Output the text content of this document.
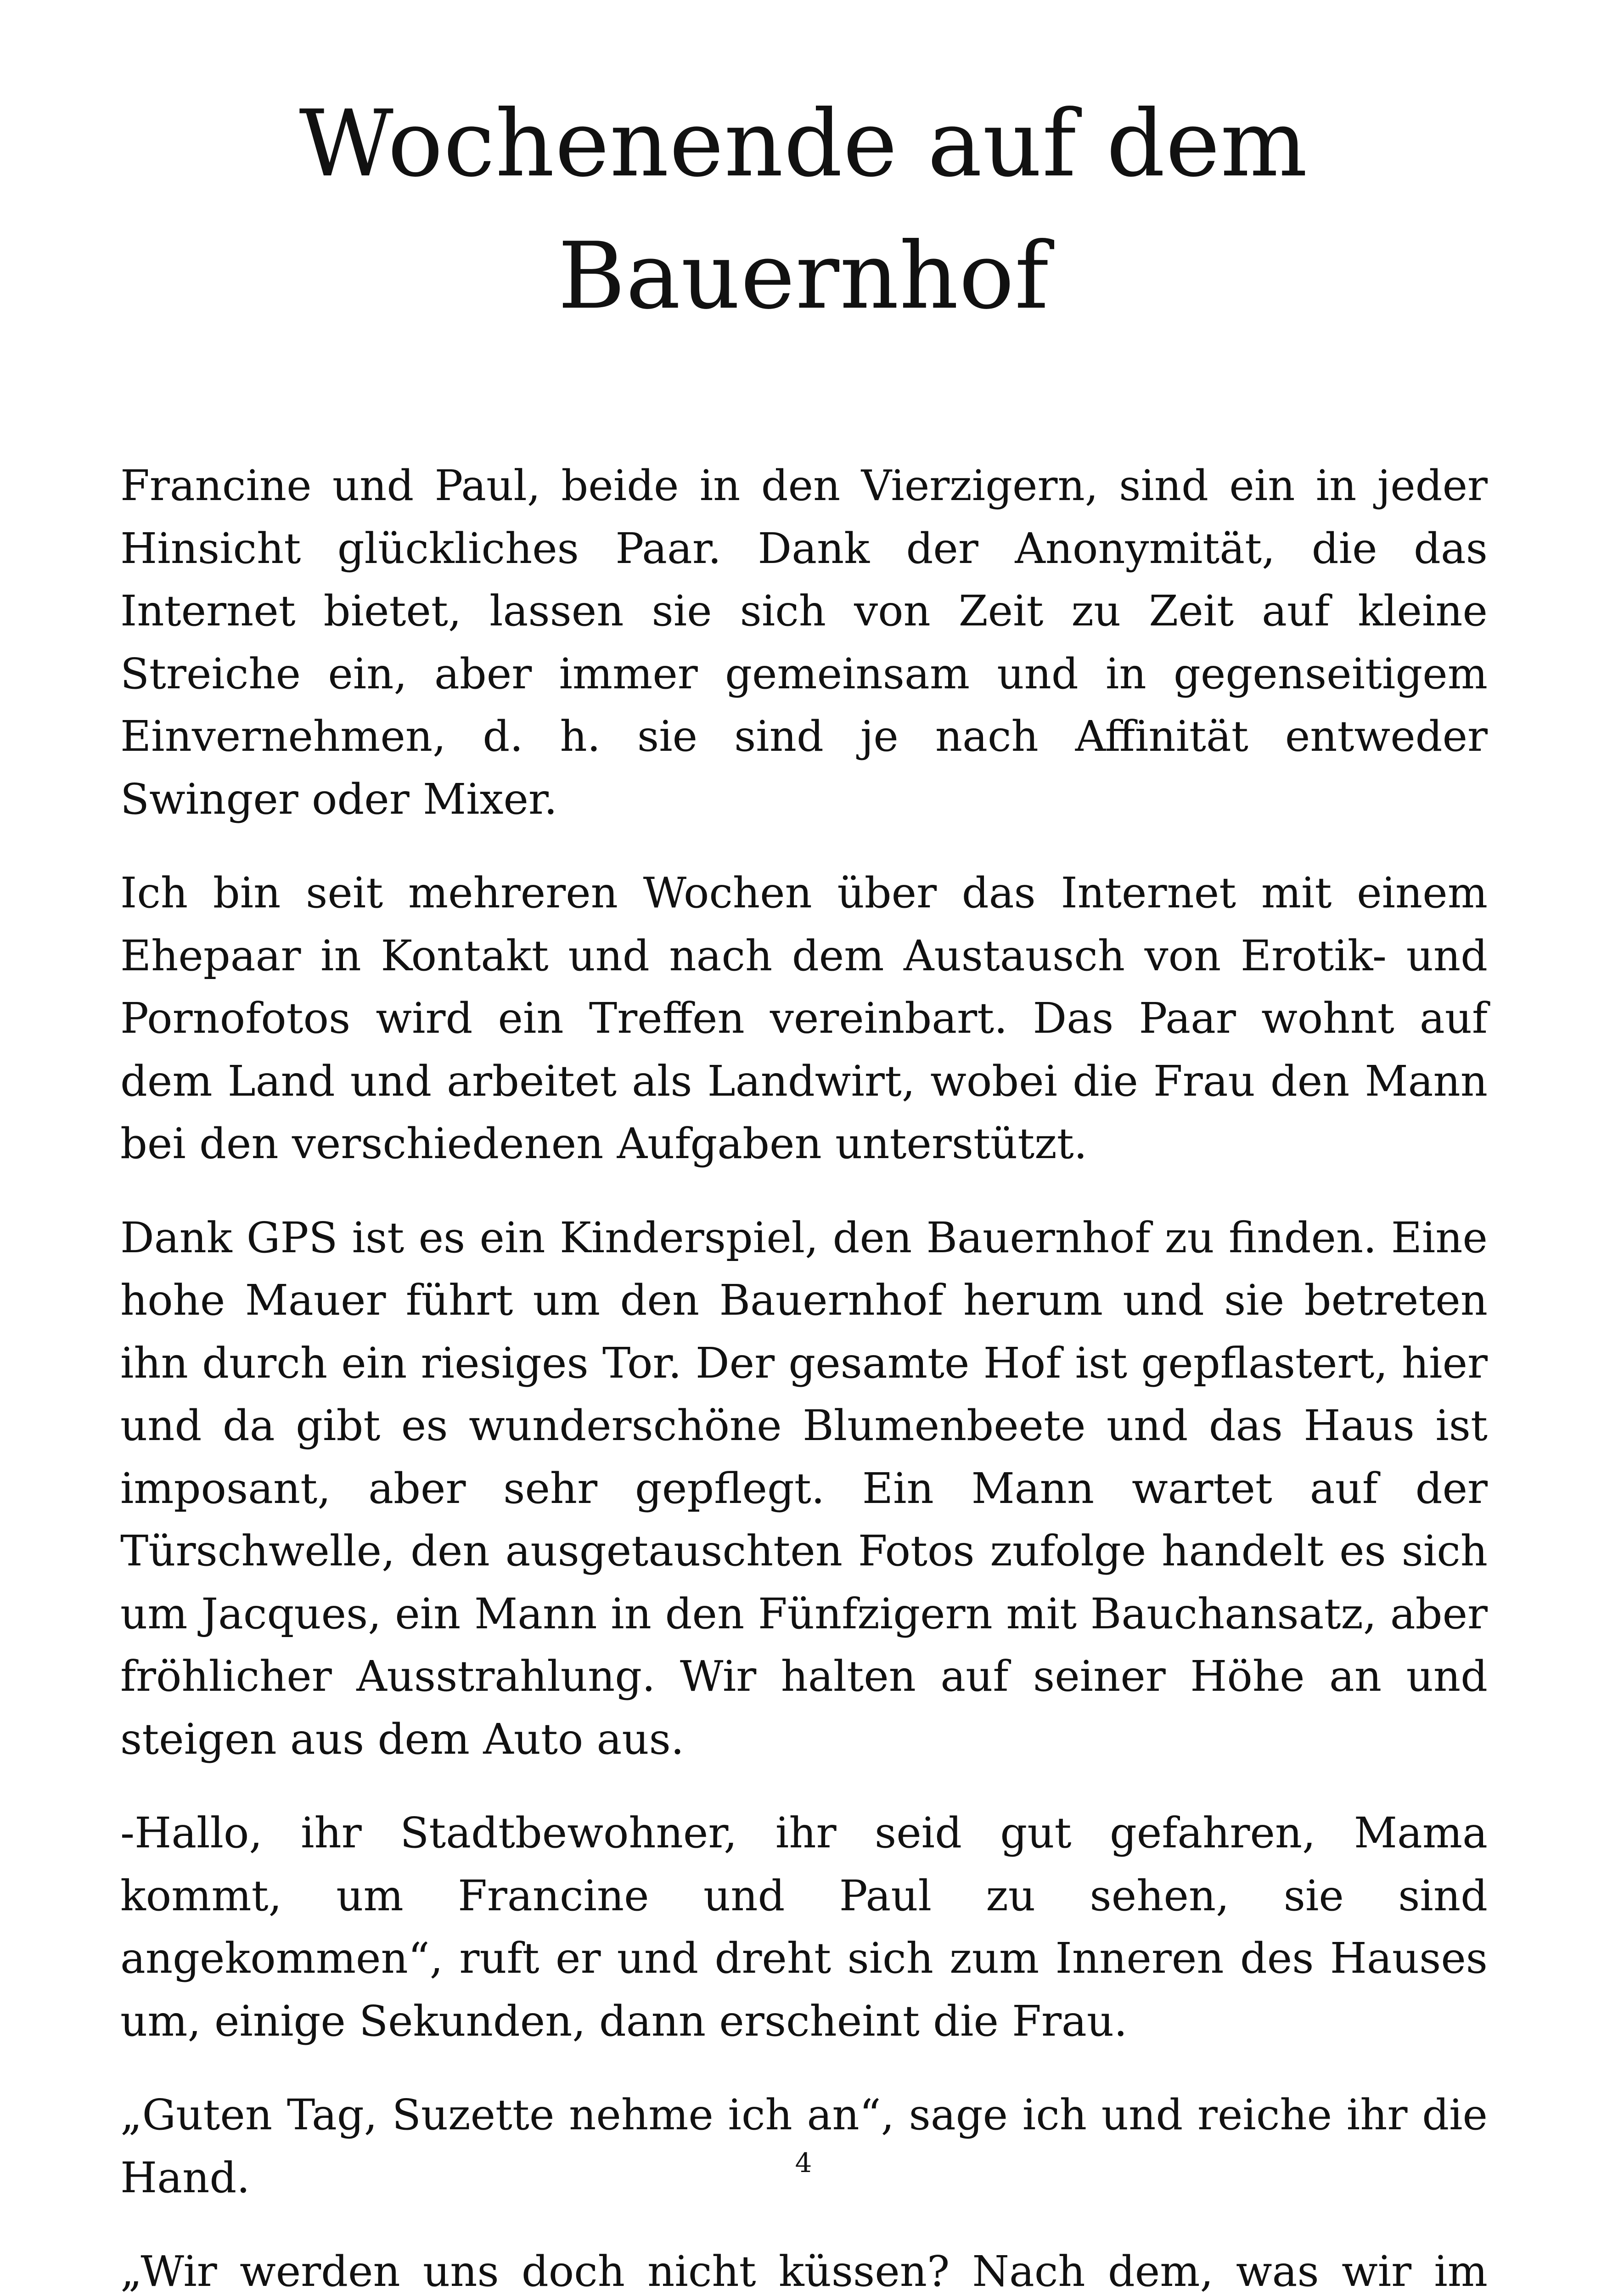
Wochenende auf dem
Bauernhof

Francine und Paul, beide in den Vierzigern, sind ein in jeder Hinsicht glückliches Paar. Dank der Anonymität, die das Internet bietet, lassen sie sich von Zeit zu Zeit auf kleine Streiche ein, aber immer gemeinsam und in gegenseitigem Einvernehmen, d. h. sie sind je nach Affinität entweder Swinger oder Mixer.

Ich bin seit mehreren Wochen über das Internet mit einem Ehepaar in Kontakt und nach dem Austausch von Erotik- und Pornofotos wird ein Treffen vereinbart. Das Paar wohnt auf dem Land und arbeitet als Landwirt, wobei die Frau den Mann bei den verschiedenen Aufgaben unterstützt.

Dank GPS ist es ein Kinderspiel, den Bauernhof zu finden. Eine hohe Mauer führt um den Bauernhof herum und sie betreten ihn durch ein riesiges Tor. Der gesamte Hof ist gepflastert, hier und da gibt es wunderschöne Blumenbeete und das Haus ist imposant, aber sehr gepflegt. Ein Mann wartet auf der Türschwelle, den ausgetauschten Fotos zufolge handelt es sich um Jacques, ein Mann in den Fünfzigern mit Bauchansatz, aber fröhlicher Ausstrahlung. Wir halten auf seiner Höhe an und steigen aus dem Auto aus.

-Hallo, ihr Stadtbewohner, ihr seid gut gefahren, Mama kommt, um Francine und Paul zu sehen, sie sind angekommen“, ruft er und dreht sich zum Inneren des Hauses um, einige Sekunden, dann erscheint die Frau.

„Guten Tag, Suzette nehme ich an“, sage ich und reiche ihr die Hand.

„Wir werden uns doch nicht küssen? Nach dem, was wir im

4
